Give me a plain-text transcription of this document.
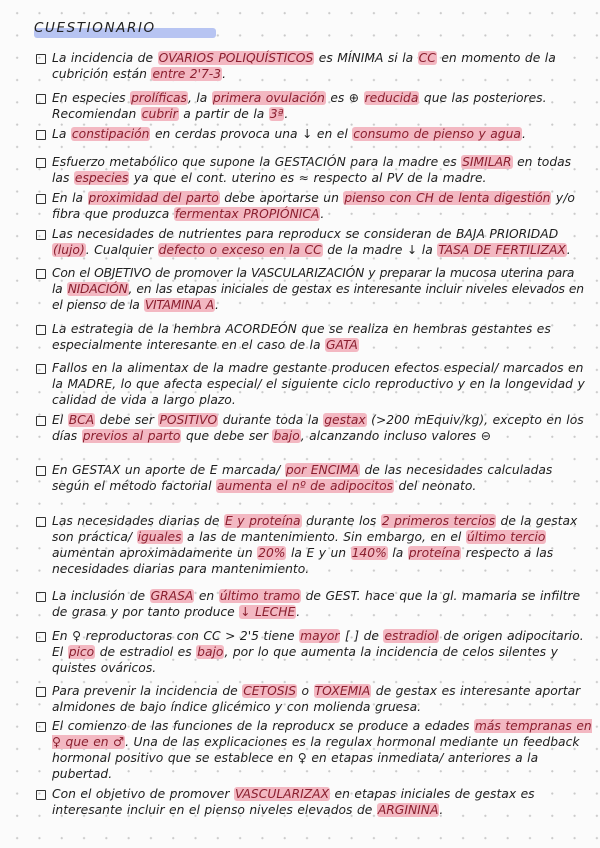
CUESTIONARIO
La incidencia de OVARIOS POLIQUÍSTICOS es MÍNIMA si la CC en momento de la cubrición están entre 2'7-3.
En especies prolíficas, la primera ovulación es ⊕ reducida que las posteriores. Recomiendan cubrir a partir de la 3ª.
La constipación en cerdas provoca una ↓ en el consumo de pienso y agua.
Esfuerzo metabólico que supone la GESTACIÓN para la madre es SIMILAR en todas las especies ya que el cont. uterino es ≈ respecto al PV de la madre.
En la proximidad del parto debe aportarse un pienso con CH de lenta digestión y/o fibra que produzca fermentax PROPIÓNICA.
Las necesidades de nutrientes para reproducx se consideran de BAJA PRIORIDAD (lujo). Cualquier defecto o exceso en la CC de la madre ↓ la TASA DE FERTILIZAX.
Con el OBJETIVO de promover la VASCULARIZACIÓN y preparar la mucosa uterina para la NIDACIÓN, en las etapas iniciales de gestax es interesante incluir niveles elevados en el pienso de la VITAMINA A.
La estrategia de la hembra ACORDEÓN que se realiza en hembras gestantes es especialmente interesante en el caso de la GATA
Fallos en la alimentax de la madre gestante producen efectos especial/ marcados en la MADRE, lo que afecta especial/ el siguiente ciclo reproductivo y en la longevidad y calidad de vida a largo plazo.
El BCA debe ser POSITIVO durante toda la gestax (>200 mEquiv/kg), excepto en los días previos al parto que debe ser bajo, alcanzando incluso valores ⊖
En GESTAX un aporte de E marcada/ por ENCIMA de las necesidades calculadas según el método factorial aumenta el nº de adipocitos del neonato.
Las necesidades diarias de E y proteína durante los 2 primeros tercios de la gestax son práctica/ iguales a las de mantenimiento. Sin embargo, en el último tercio aumentan aproximadamente un 20% la E y un 140% la proteína respecto a las necesidades diarias para mantenimiento.
La inclusión de GRASA en último tramo de GEST. hace que la gl. mamaria se infiltre de grasa y por tanto produce ↓ LECHE.
En ♀ reproductoras con CC > 2'5 tiene mayor [ ] de estradiol de origen adipocitario. El pico de estradiol es bajo, por lo que aumenta la incidencia de celos silentes y quistes ováricos.
Para prevenir la incidencia de CETOSIS o TOXEMIA de gestax es interesante aportar almidones de bajo índice glicémico y con molienda gruesa.
El comienzo de las funciones de la reproducx se produce a edades más tempranas en ♀ que en ♂. Una de las explicaciones es la regulax hormonal mediante un feedback hormonal positivo que se establece en ♀ en etapas inmediata/ anteriores a la pubertad.
Con el objetivo de promover VASCULARIZAX en etapas iniciales de gestax es interesante incluir en el pienso niveles elevados de ARGININA.
